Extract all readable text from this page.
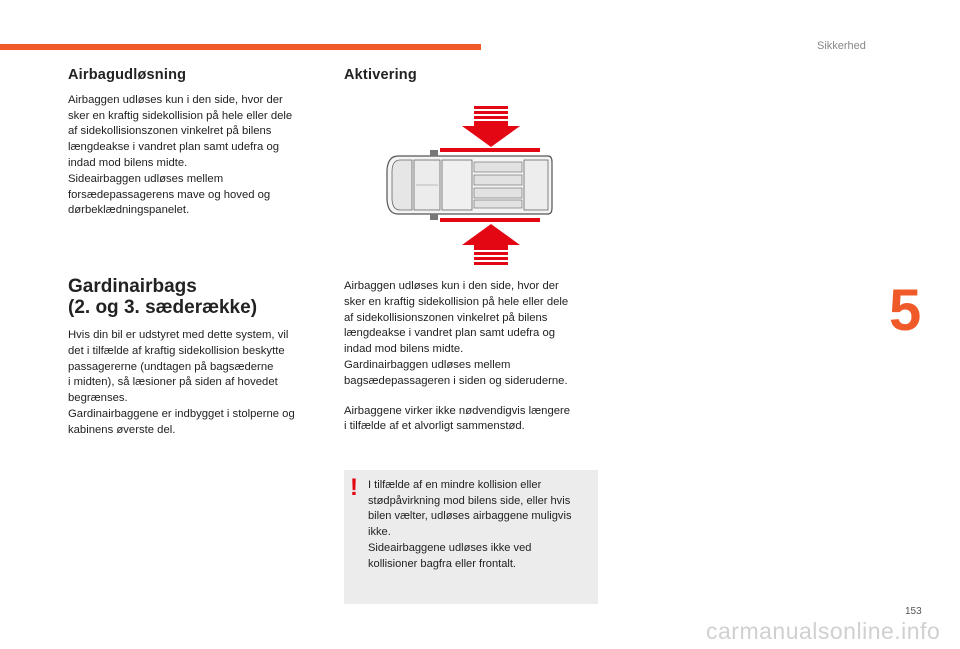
Sikkerhed
5
153
carmanualsonline.info
Airbagudløsning

Airbaggen udløses kun i den side, hvor der
sker en kraftig sidekollision på hele eller dele
af sidekollisionszonen vinkelret på bilens
længdeakse i vandret plan samt udefra og
indad mod bilens midte.
Sideairbaggen udløses mellem
forsædepassagerens mave og hoved og
dørbeklædningspanelet.

Gardinairbags
(2. og 3. sæderække)

Hvis din bil er udstyret med dette system, vil
det i tilfælde af kraftig sidekollision beskytte
passagererne (undtagen på bagsæderne
i midten), så læsioner på siden af hovedet
begrænses.
Gardinairbaggene er indbygget i stolperne og
kabinens øverste del.

Aktivering

Airbaggen udløses kun i den side, hvor der
sker en kraftig sidekollision på hele eller dele
af sidekollisionszonen vinkelret på bilens
længdeakse i vandret plan samt udefra og
indad mod bilens midte.
Gardinairbaggen udløses mellem
bagsædepassageren i siden og sideruderne.

Airbaggene virker ikke nødvendigvis længere
i tilfælde af et alvorligt sammenstød.

! I tilfælde af en mindre kollision eller
stødpåvirkning mod bilens side, eller hvis
bilen vælter, udløses airbaggene muligvis
ikke.
Sideairbaggene udløses ikke ved
kollisioner bagfra eller frontalt.
